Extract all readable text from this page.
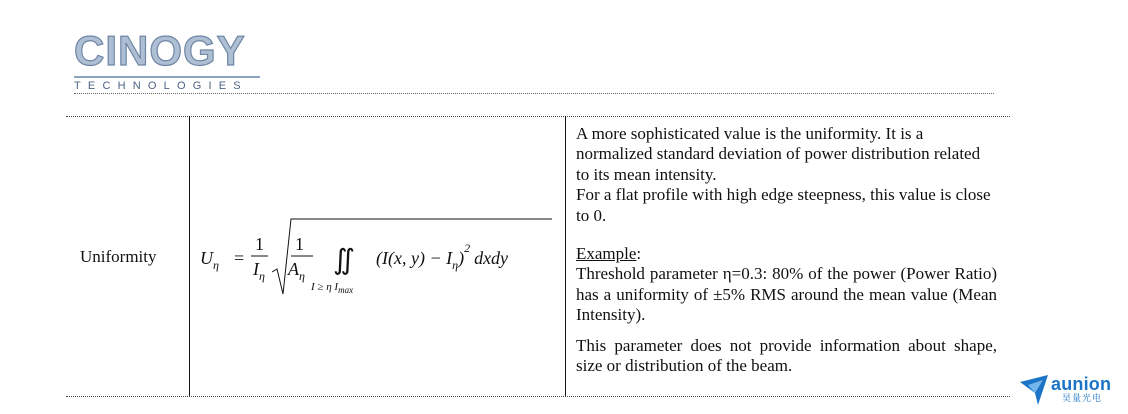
CINOGY
TECHNOLOGIES
Uniformity $U_\eta$ =
1
$I_\eta$
1
$A_\eta$ ∬
I ≥ η $I_{max}$
(I(x, $y) - I_\eta)^2$ dxdy

A more sophisticated value is the uniformity. It is a normalized standard deviation of power distribution related to its mean intensity.

For a flat profile with high edge steepness, this value is close to 0.

Example:

Threshold parameter η=0.3: 80% of the power (Power Ratio) has a uniformity of ±5% RMS around the mean value (Mean Intensity).

This parameter does not provide information about shape, size or distribution of the beam.

aunion
昊量光电
